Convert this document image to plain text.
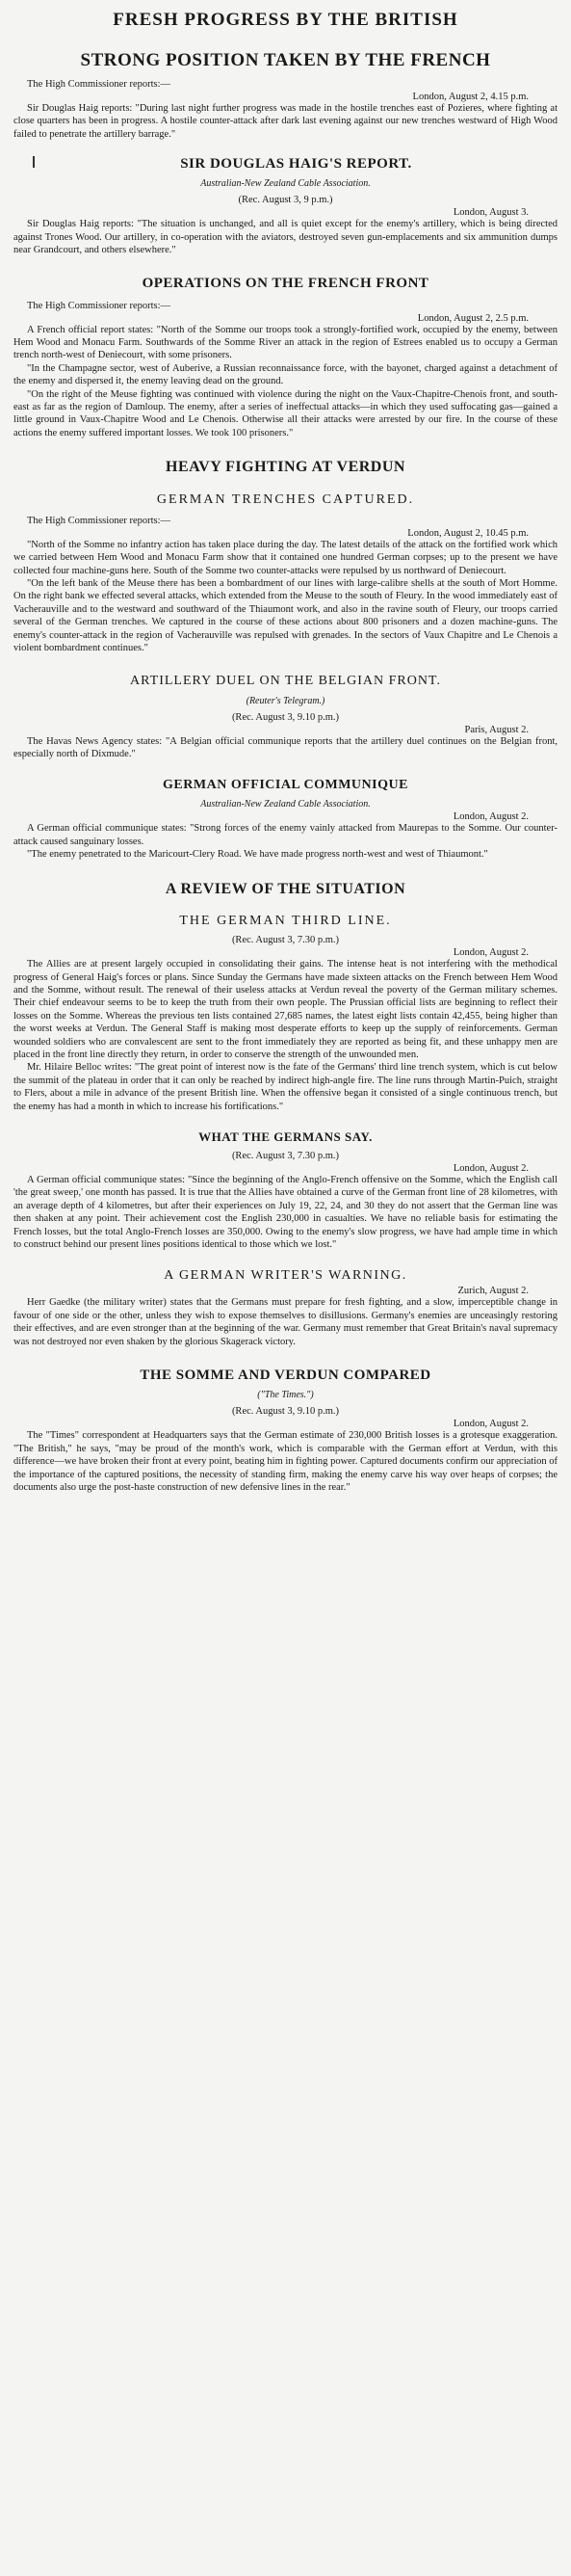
FRESH PROGRESS BY THE BRITISH
STRONG POSITION TAKEN BY THE FRENCH
The High Commissioner reports:—
London, August 2, 4.15 p.m.

Sir Douglas Haig reports: "During last night further progress was made in the hostile trenches east of Pozieres, where fighting at close quarters has been in progress. A hostile counter-attack after dark last evening against our new trenches westward of High Wood failed to penetrate the artillery barrage."

SIR DOUGLAS HAIG'S REPORT.
Australian-New Zealand Cable Association.
(Rec. August 3, 9 p.m.)
London, August 3.

Sir Douglas Haig reports: "The situation is unchanged, and all is quiet except for the enemy's artillery, which is being directed against Trones Wood. Our artillery, in co-operation with the aviators, destroyed seven gun-emplacements and six ammunition dumps near Grandcourt, and others elsewhere."

OPERATIONS ON THE FRENCH FRONT
The High Commissioner reports:—
London, August 2, 2.5 p.m.

A French official report states: "North of the Somme our troops took a strongly-fortified work, occupied by the enemy, between Hem Wood and Monacu Farm. Southwards of the Somme River an attack in the region of Estrees enabled us to occupy a German trench north-west of Deniecourt, with some prisoners.

"In the Champagne sector, west of Auberive, a Russian reconnaissance force, with the bayonet, charged against a detachment of the enemy and dispersed it, the enemy leaving dead on the ground.

"On the right of the Meuse fighting was continued with violence during the night on the Vaux-Chapitre-Chenois front, and south-east as far as the region of Damloup. The enemy, after a series of ineffectual attacks—in which they used suffocating gas—gained a little ground in Vaux-Chapitre Wood and Le Chenois. Otherwise all their attacks were arrested by our fire. In the course of these actions the enemy suffered important losses. We took 100 prisoners."

HEAVY FIGHTING AT VERDUN
GERMAN TRENCHES CAPTURED.
The High Commissioner reports:—
London, August 2, 10.45 p.m.

"North of the Somme no infantry action has taken place during the day. The latest details of the attack on the fortified work which we carried between Hem Wood and Monacu Farm show that it contained one hundred German corpses; up to the present we have collected four machine-guns here. South of the Somme two counter-attacks were repulsed by us northward of Deniecourt.

"On the left bank of the Meuse there has been a bombardment of our lines with large-calibre shells at the south of Mort Homme. On the right bank we effected several attacks, which extended from the Meuse to the south of Fleury. In the wood immediately east of Vacherauville and to the westward and southward of the Thiaumont work, and also in the ravine south of Fleury, our troops carried several of the German trenches. We captured in the course of these actions about 800 prisoners and a dozen machine-guns. The enemy's counter-attack in the region of Vacherauville was repulsed with grenades. In the sectors of Vaux Chapitre and Le Chenois a violent bombardment continues."

ARTILLERY DUEL ON THE BELGIAN FRONT.
(Reuter's Telegram.)
(Rec. August 3, 9.10 p.m.)
Paris, August 2.

The Havas News Agency states: "A Belgian official communique reports that the artillery duel continues on the Belgian front, especially north of Dixmude."

GERMAN OFFICIAL COMMUNIQUE
Australian-New Zealand Cable Association.
London, August 2.

A German official communique states: "Strong forces of the enemy vainly attacked from Maurepas to the Somme. Our counter-attack caused sanguinary losses.

"The enemy penetrated to the Maricourt-Clery Road. We have made progress north-west and west of Thiaumont."

A REVIEW OF THE SITUATION
THE GERMAN THIRD LINE.
(Rec. August 3, 7.30 p.m.)
London, August 2.

The Allies are at present largely occupied in consolidating their gains. The intense heat is not interfering with the methodical progress of General Haig's forces or plans. Since Sunday the Germans have made sixteen attacks on the French between Hem Wood and the Somme, without result. The renewal of their useless attacks at Verdun reveal the poverty of the German military schemes. Their chief endeavour seems to be to keep the truth from their own people. The Prussian official lists are beginning to reflect their losses on the Somme. Whereas the previous ten lists contained 27,685 names, the latest eight lists contain 42,455, being higher than the worst weeks at Verdun. The General Staff is making most desperate efforts to keep up the supply of reinforcements. German wounded soldiers who are convalescent are sent to the front immediately they are reported as being fit, and these unhappy men are placed in the front line directly they return, in order to conserve the strength of the unwounded men.

Mr. Hilaire Belloc writes: "The great point of interest now is the fate of the Germans' third line trench system, which is cut below the summit of the plateau in order that it can only be reached by indirect high-angle fire. The line runs through Martin-Puich, straight to Flers, about a mile in advance of the present British line. When the offensive began it consisted of a single continuous trench, but the enemy has had a month in which to increase his fortifications."

WHAT THE GERMANS SAY.
(Rec. August 3, 7.30 p.m.)
London, August 2.

A German official communique states: "Since the beginning of the Anglo-French offensive on the Somme, which the English call 'the great sweep,' one month has passed. It is true that the Allies have obtained a curve of the German front line of 28 kilometres, with an average depth of 4 kilometres, but after their experiences on July 19, 22, 24, and 30 they do not assert that the German line was then shaken at any point. Their achievement cost the English 230,000 in casualties. We have no reliable basis for estimating the French losses, but the total Anglo-French losses are 350,000. Owing to the enemy's slow progress, we have had ample time in which to construct behind our present lines positions identical to those which we lost."

A GERMAN WRITER'S WARNING.
Zurich, August 2.

Herr Gaedke (the military writer) states that the Germans must prepare for fresh fighting, and a slow, imperceptible change in favour of one side or the other, unless they wish to expose themselves to disillusions. Germany's enemies are unceasingly restoring their effectives, and are even stronger than at the beginning of the war. Germany must remember that Great Britain's naval supremacy was not destroyed nor even shaken by the glorious Skagerack victory.

THE SOMME AND VERDUN COMPARED
("The Times.")
(Rec. August 3, 9.10 p.m.)
London, August 2.

The "Times" correspondent at Headquarters says that the German estimate of 230,000 British losses is a grotesque exaggeration. "The British," he says, "may be proud of the month's work, which is comparable with the German effort at Verdun, with this difference—we have broken their front at every point, beating him in fighting power. Captured documents confirm our appreciation of the importance of the captured positions, the necessity of standing firm, making the enemy carve his way over heaps of corpses; the documents also urge the post-haste construction of new defensive lines in the rear."
